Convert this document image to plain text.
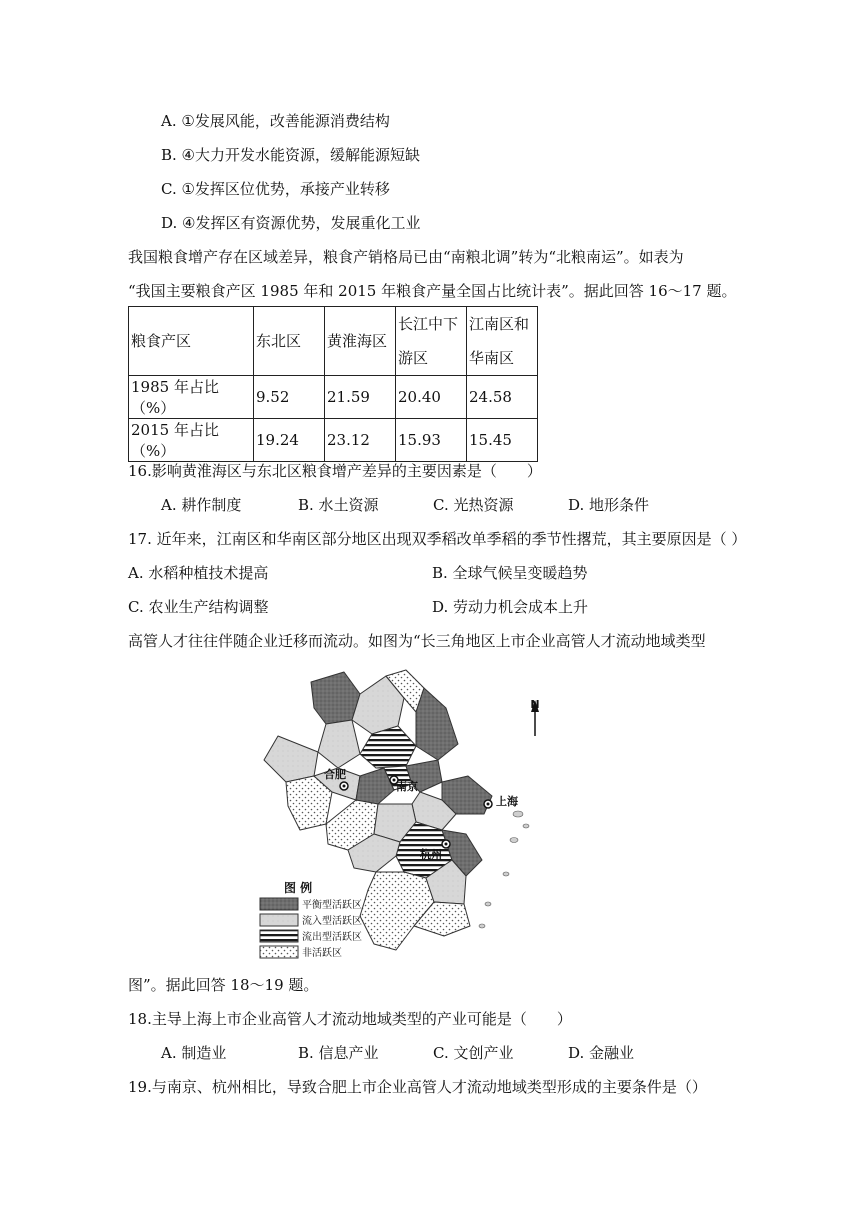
A. ①发展风能，改善能源消费结构
B. ④大力开发水能资源，缓解能源短缺
C. ①发挥区位优势，承接产业转移
D. ④发挥区有资源优势，发展重化工业
我国粮食增产存在区域差异，粮食产销格局已由“南粮北调”转为“北粮南运”。如表为
“我国主要粮食产区 1985 年和 2015 年粮食产量全国占比统计表”。据此回答 16～17 题。
粮食产区	东北区	黄淮海区	长江中下游区	江南区和华南区
1985 年占比（%）	9.52	21.59	20.40	24.58
2015 年占比（%）	19.24	23.12	15.93	15.45
16.影响黄淮海区与东北区粮食增产差异的主要因素是（　　）
A. 耕作制度	B. 水土资源	C. 光热资源	D. 地形条件
17. 近年来，江南区和华南区部分地区出现双季稻改单季稻的季节性撂荒，其主要原因是（ ）
A. 水稻种植技术提高	B. 全球气候呈变暖趋势
C. 农业生产结构调整	D. 劳动力机会成本上升
高管人才往往伴随企业迁移而流动。如图为“长三角地区上市企业高管人才流动地域类型
N
合肥
南京
上海
杭州
图 例
平衡型活跃区
流入型活跃区
流出型活跃区
非活跃区
图”。据此回答 18～19 题。
18.主导上海上市企业高管人才流动地域类型的产业可能是（　　）
A. 制造业	B. 信息产业	C. 文创产业	D. 金融业
19.与南京、杭州相比，导致合肥上市企业高管人才流动地域类型形成的主要条件是（）
